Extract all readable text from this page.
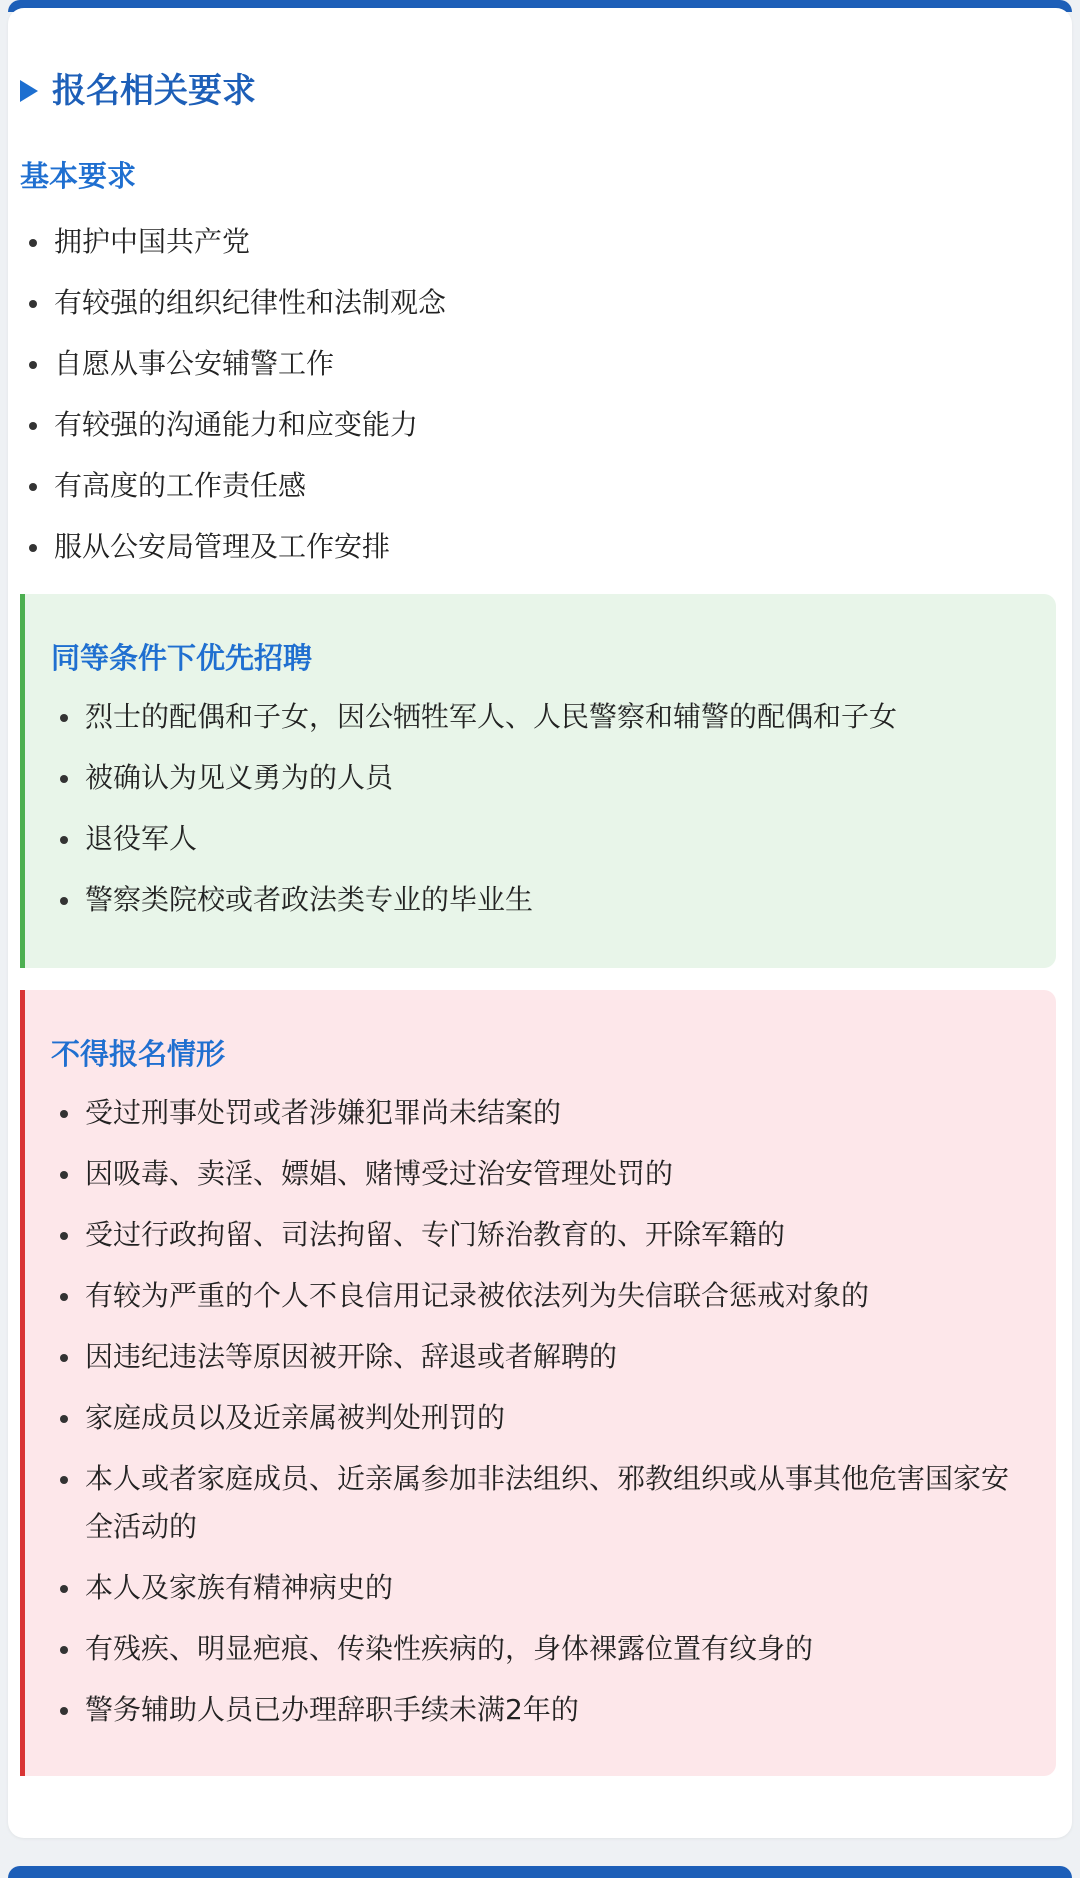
报名相关要求
基本要求
拥护中国共产党
有较强的组织纪律性和法制观念
自愿从事公安辅警工作
有较强的沟通能力和应变能力
有高度的工作责任感
服从公安局管理及工作安排
同等条件下优先招聘
烈士的配偶和子女，因公牺牲军人、人民警察和辅警的配偶和子女
被确认为见义勇为的人员
退役军人
警察类院校或者政法类专业的毕业生
不得报名情形
受过刑事处罚或者涉嫌犯罪尚未结案的
因吸毒、卖淫、嫖娼、赌博受过治安管理处罚的
受过行政拘留、司法拘留、专门矫治教育的、开除军籍的
有较为严重的个人不良信用记录被依法列为失信联合惩戒对象的
因违纪违法等原因被开除、辞退或者解聘的
家庭成员以及近亲属被判处刑罚的
本人或者家庭成员、近亲属参加非法组织、邪教组织或从事其他危害国家安全活动的
本人及家族有精神病史的
有残疾、明显疤痕、传染性疾病的，身体裸露位置有纹身的
警务辅助人员已办理辞职手续未满2年的
